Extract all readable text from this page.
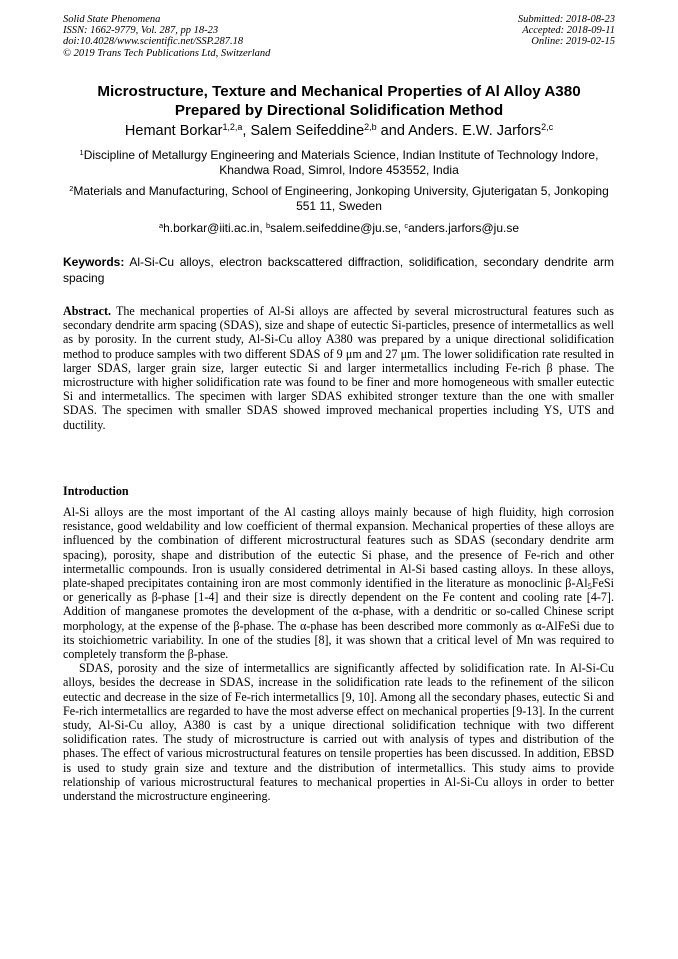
Solid State Phenomena
ISSN: 1662-9779, Vol. 287, pp 18-23
doi:10.4028/www.scientific.net/SSP.287.18
© 2019 Trans Tech Publications Ltd, Switzerland
Submitted: 2018-08-23
Accepted: 2018-09-11
Online: 2019-02-15
Microstructure, Texture and Mechanical Properties of Al Alloy A380
Prepared by Directional Solidification Method
Hemant Borkar$^{1,2,a}$, Salem Seifeddine$^{2,b}$ and Anders. E.W. Jarfors$^{2,c}$
$^1$Discipline of Metallurgy Engineering and Materials Science, Indian Institute of Technology Indore, Khandwa Road, Simrol, Indore 453552, India
$^2$Materials and Manufacturing, School of Engineering, Jonkoping University, Gjuterigatan 5, Jonkoping 551 11, Sweden
$^a$h.borkar@iiti.ac.in, $^b$salem.seifeddine@ju.se, $^c$anders.jarfors@ju.se
Keywords: Al-Si-Cu alloys, electron backscattered diffraction, solidification, secondary dendrite arm spacing
Abstract. The mechanical properties of Al-Si alloys are affected by several microstructural features such as secondary dendrite arm spacing (SDAS), size and shape of eutectic Si-particles, presence of intermetallics as well as by porosity. In the current study, Al-Si-Cu alloy A380 was prepared by a unique directional solidification method to produce samples with two different SDAS of 9 μm and 27 μm. The lower solidification rate resulted in larger SDAS, larger grain size, larger eutectic Si and larger intermetallics including Fe-rich β phase. The microstructure with higher solidification rate was found to be finer and more homogeneous with smaller eutectic Si and intermetallics. The specimen with larger SDAS exhibited stronger texture than the one with smaller SDAS. The specimen with smaller SDAS showed improved mechanical properties including YS, UTS and ductility.
Introduction

Al-Si alloys are the most important of the Al casting alloys mainly because of high fluidity, high corrosion resistance, good weldability and low coefficient of thermal expansion. Mechanical properties of these alloys are influenced by the combination of different microstructural features such as SDAS (secondary dendrite arm spacing), porosity, shape and distribution of the eutectic Si phase, and the presence of Fe-rich and other intermetallic compounds. Iron is usually considered detrimental in Al-Si based casting alloys. In these alloys, plate-shaped precipitates containing iron are most commonly identified in the literature as monoclinic $\beta-Al_5FeSi$ or generically as β-phase [1-4] and their size is directly dependent on the Fe content and cooling rate [4-7]. Addition of manganese promotes the development of the α-phase, with a dendritic or so-called Chinese script morphology, at the expense of the β-phase. The α-phase has been described more commonly as α-AlFeSi due to its stoichiometric variability. In one of the studies [8], it was shown that a critical level of Mn was required to completely transform the β-phase.

SDAS, porosity and the size of intermetallics are significantly affected by solidification rate. In Al-Si-Cu alloys, besides the decrease in SDAS, increase in the solidification rate leads to the refinement of the silicon eutectic and decrease in the size of Fe-rich intermetallics [9, 10]. Among all the secondary phases, eutectic Si and Fe-rich intermetallics are regarded to have the most adverse effect on mechanical properties [9-13]. In the current study, Al-Si-Cu alloy, A380 is cast by a unique directional solidification technique with two different solidification rates. The study of microstructure is carried out with analysis of types and distribution of the phases. The effect of various microstructural features on tensile properties has been discussed. In addition, EBSD is used to study grain size and texture and the distribution of intermetallics. This study aims to provide relationship of various microstructural features to mechanical properties in Al-Si-Cu alloys in order to better understand the microstructure engineering.
